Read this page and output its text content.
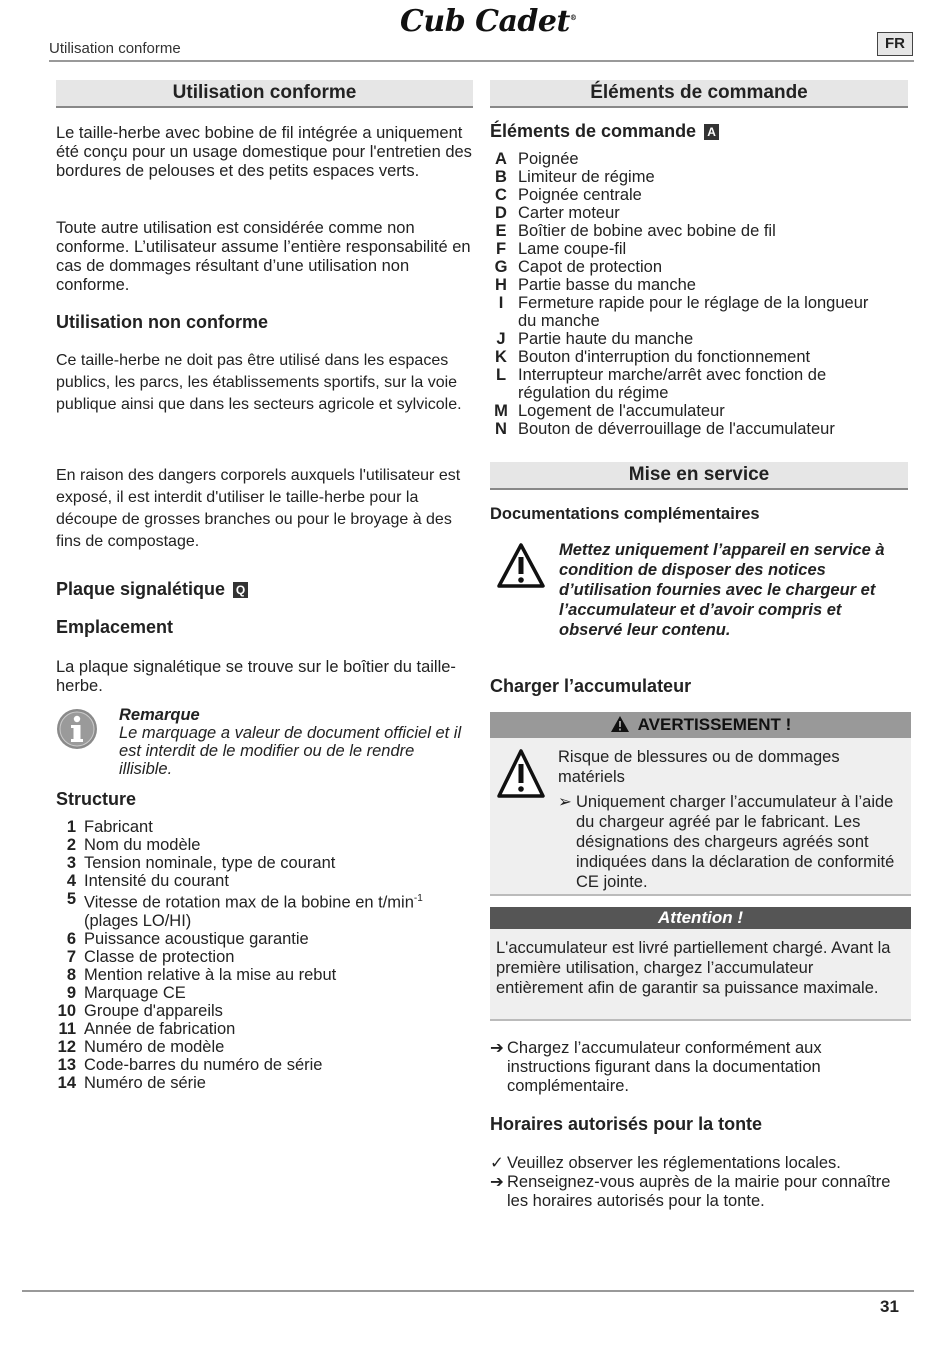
Cub Cadet®
Utilisation conforme	FR
Utilisation conforme
Le taille-herbe avec bobine de fil intégrée a uniquement été conçu pour un usage domestique pour l'entretien des bordures de pelouses et des petits espaces verts.
Toute autre utilisation est considérée comme non conforme. L’utilisateur assume l’entière responsabilité en cas de dommages résultant d’une utilisation non conforme.
Utilisation non conforme
Ce taille-herbe ne doit pas être utilisé dans les espaces publics, les parcs, les établissements sportifs, sur la voie publique ainsi que dans les secteurs agricole et sylvicole.
En raison des dangers corporels auxquels l'utilisateur est exposé, il est interdit d'utiliser le taille-herbe pour la découpe de grosses branches ou pour le broyage à des fins de compostage.
Plaque signalétique Q
Emplacement
La plaque signalétique se trouve sur le boîtier du taille-herbe.
Remarque
Le marquage a valeur de document officiel et il est interdit de le modifier ou de le rendre illisible.
Structure
1 Fabricant
2 Nom du modèle
3 Tension nominale, type de courant
4 Intensité du courant
5 Vitesse de rotation max de la bobine en $t/\min^{-1}$
(plages LO/HI)
6 Puissance acoustique garantie
7 Classe de protection
8 Mention relative à la mise au rebut
9 Marquage CE
10 Groupe d'appareils
11 Année de fabrication
12 Numéro de modèle
13 Code-barres du numéro de série
14 Numéro de série
Éléments de commande
Éléments de commande A
A Poignée
B Limiteur de régime
C Poignée centrale
D Carter moteur
E Boîtier de bobine avec bobine de fil
F Lame coupe-fil
G Capot de protection
H Partie basse du manche
I Fermeture rapide pour le réglage de la longueur
du manche
J Partie haute du manche
K Bouton d'interruption du fonctionnement
L Interrupteur marche/arrêt avec fonction de
régulation du régime
M Logement de l'accumulateur
N Bouton de déverrouillage de l'accumulateur
Mise en service
Documentations complémentaires
Mettez uniquement l’appareil en service à condition de disposer des notices d’utilisation fournies avec le chargeur et l’accumulateur et d’avoir compris et observé leur contenu.
Charger l’accumulateur
AVERTISSEMENT !
Risque de blessures ou de dommages matériels
➢ Uniquement charger l’accumulateur à l’aide du chargeur agréé par le fabricant. Les désignations des chargeurs agréés sont indiquées dans la déclaration de conformité CE jointe.
Attention !
L'accumulateur est livré partiellement chargé. Avant la première utilisation, chargez l’accumulateur entièrement afin de garantir sa puissance maximale.
➔ Chargez l’accumulateur conformément aux instructions figurant dans la documentation complémentaire.
Horaires autorisés pour la tonte
✓ Veuillez observer les réglementations locales.
➔ Renseignez-vous auprès de la mairie pour connaître les horaires autorisés pour la tonte.
31
